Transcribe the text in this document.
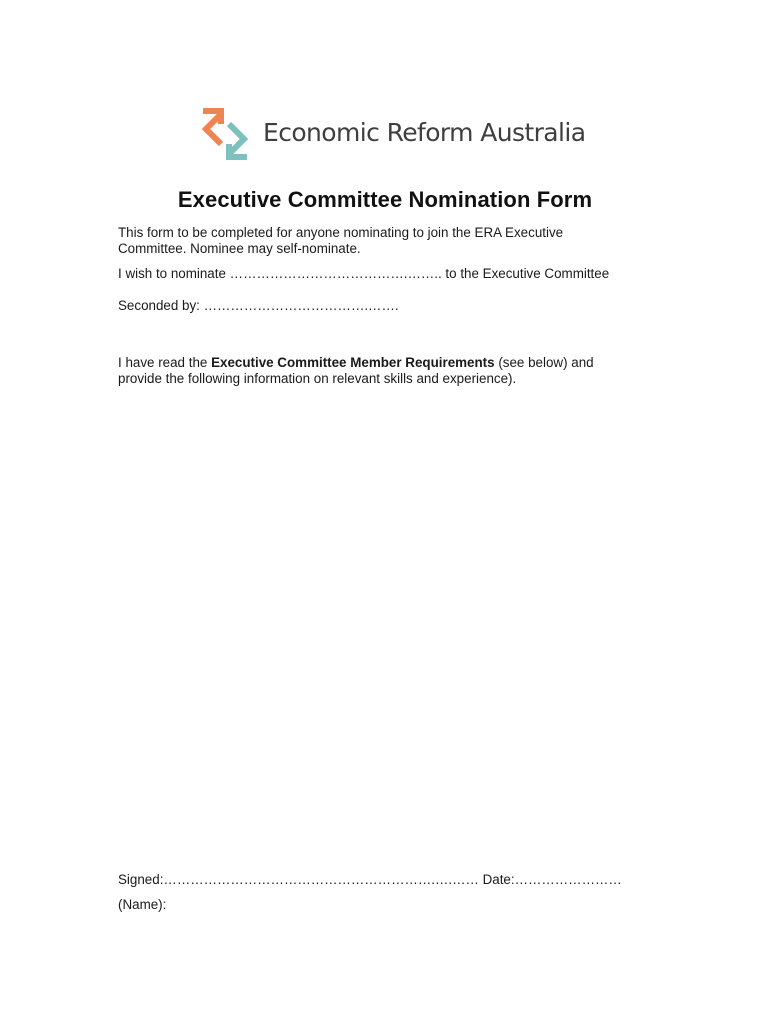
Economic Reform Australia
Executive Committee Nomination Form
This form to be completed for anyone nominating to join the ERA Executive
Committee. Nominee may self-nominate.
I wish to nominate ………………………………….…….. to the Executive Committee
Seconded by: ……………………………….…….
I have read the Executive Committee Member Requirements (see below) and
provide the following information on relevant skills and experience).
Signed:…………………………………………………….….…… Date:……………………
(Name):
